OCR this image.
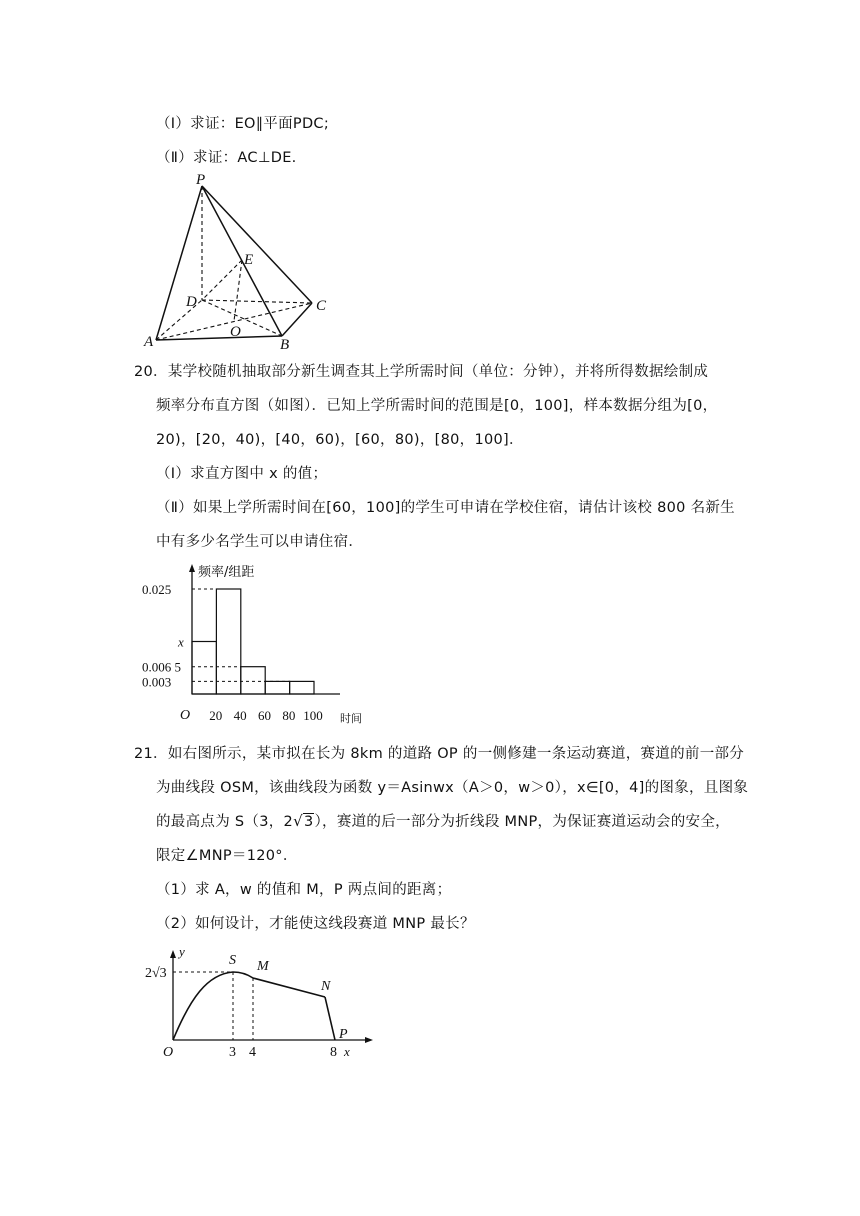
（Ⅰ）求证：EO∥平面PDC;
（Ⅱ）求证：AC⊥DE.
P
E
D	C
A
O
B
20．某学校随机抽取部分新生调查其上学所需时间（单位：分钟），并将所得数据绘制成
频率分布直方图（如图）．已知上学所需时间的范围是[0，100]，样本数据分组为[0，
20)，[20，40)，[40，60)，[60，80)，[80，100]．
（Ⅰ）求直方图中 x 的值；
（Ⅱ）如果上学所需时间在[60，100]的学生可申请在学校住宿，请估计该校 800 名新生
中有多少名学生可以申请住宿．
0.025
x
0.006 5
0.003
20 40 60 80 100
频率/组距
时间
O
21．如右图所示，某市拟在长为 8km 的道路 OP 的一侧修建一条运动赛道，赛道的前一部分
为曲线段 OSM，该曲线段为函数 y＝Asinwx（A＞0，w＞0），x∈[0，4]的图象，且图象
的最高点为 S（3，2√3），赛道的后一部分为折线段 MNP，为保证赛道运动会的安全，
限定∠MNP＝120°．
（1）求 A，w 的值和 M，P 两点间的距离；
（2）如何设计，才能使这线段赛道 MNP 最长？
y
2√3
S M
N
P
O	3 4	8 x
